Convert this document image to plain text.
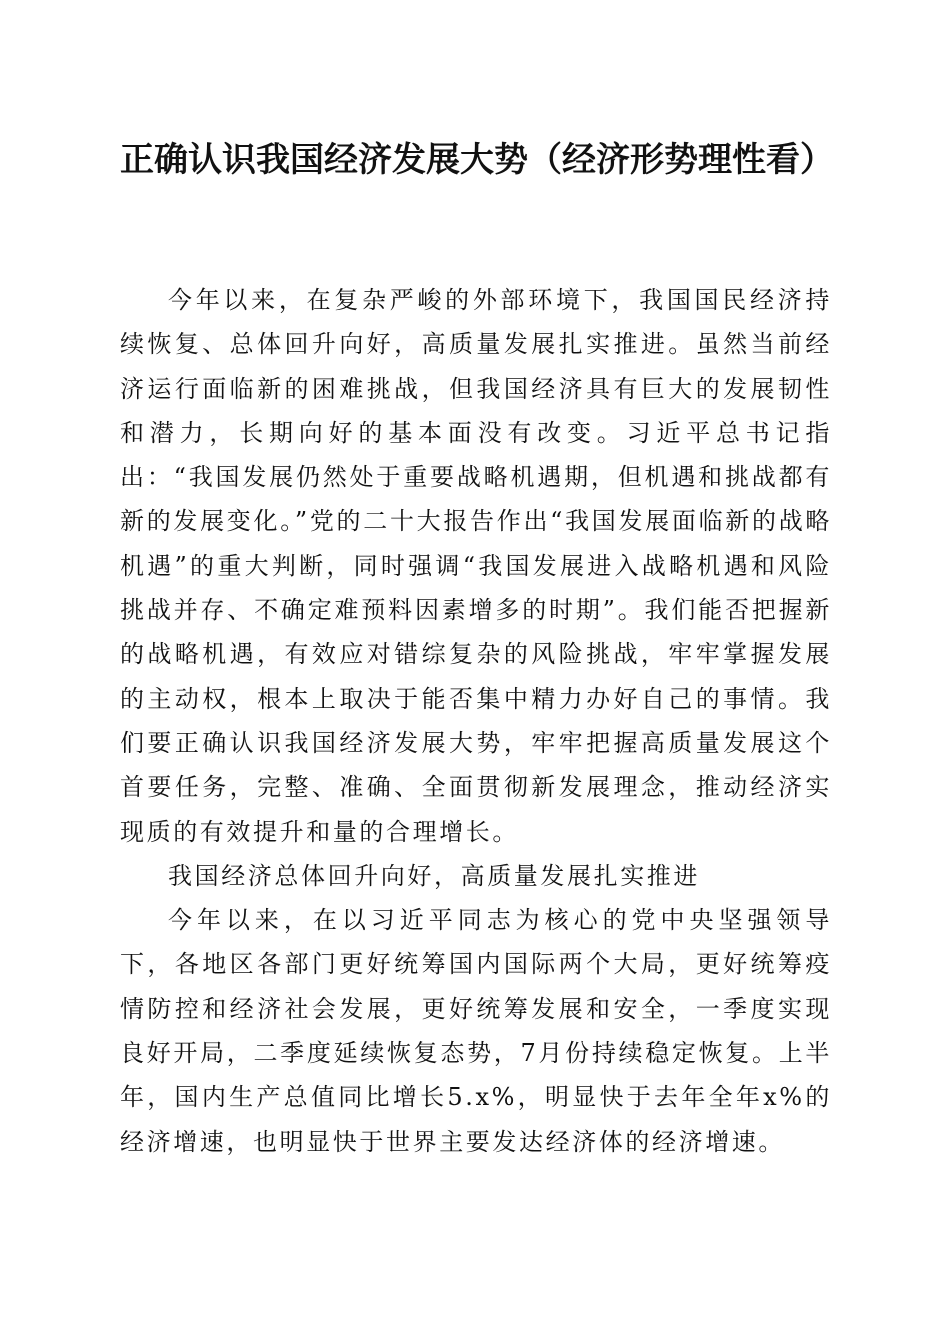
正确认识我国经济发展大势（经济形势理性看）

今年以来，在复杂严峻的外部环境下，我国国民经济持续恢复、总体回升向好，高质量发展扎实推进。虽然当前经济运行面临新的困难挑战，但我国经济具有巨大的发展韧性和潜力，长期向好的基本面没有改变。习近平总书记指出：“我国发展仍然处于重要战略机遇期，但机遇和挑战都有新的发展变化。”党的二十大报告作出“我国发展面临新的战略机遇”的重大判断，同时强调“我国发展进入战略机遇和风险挑战并存、不确定难预料因素增多的时期”。我们能否把握新的战略机遇，有效应对错综复杂的风险挑战，牢牢掌握发展的主动权，根本上取决于能否集中精力办好自己的事情。我们要正确认识我国经济发展大势，牢牢把握高质量发展这个首要任务，完整、准确、全面贯彻新发展理念，推动经济实现质的有效提升和量的合理增长。

我国经济总体回升向好，高质量发展扎实推进

今年以来，在以习近平同志为核心的党中央坚强领导下，各地区各部门更好统筹国内国际两个大局，更好统筹疫情防控和经济社会发展，更好统筹发展和安全，一季度实现良好开局，二季度延续恢复态势，7月份持续稳定恢复。上半年，国内生产总值同比增长5.x%，明显快于去年全年x%的经济增速，也明显快于世界主要发达经济体的经济增速。
